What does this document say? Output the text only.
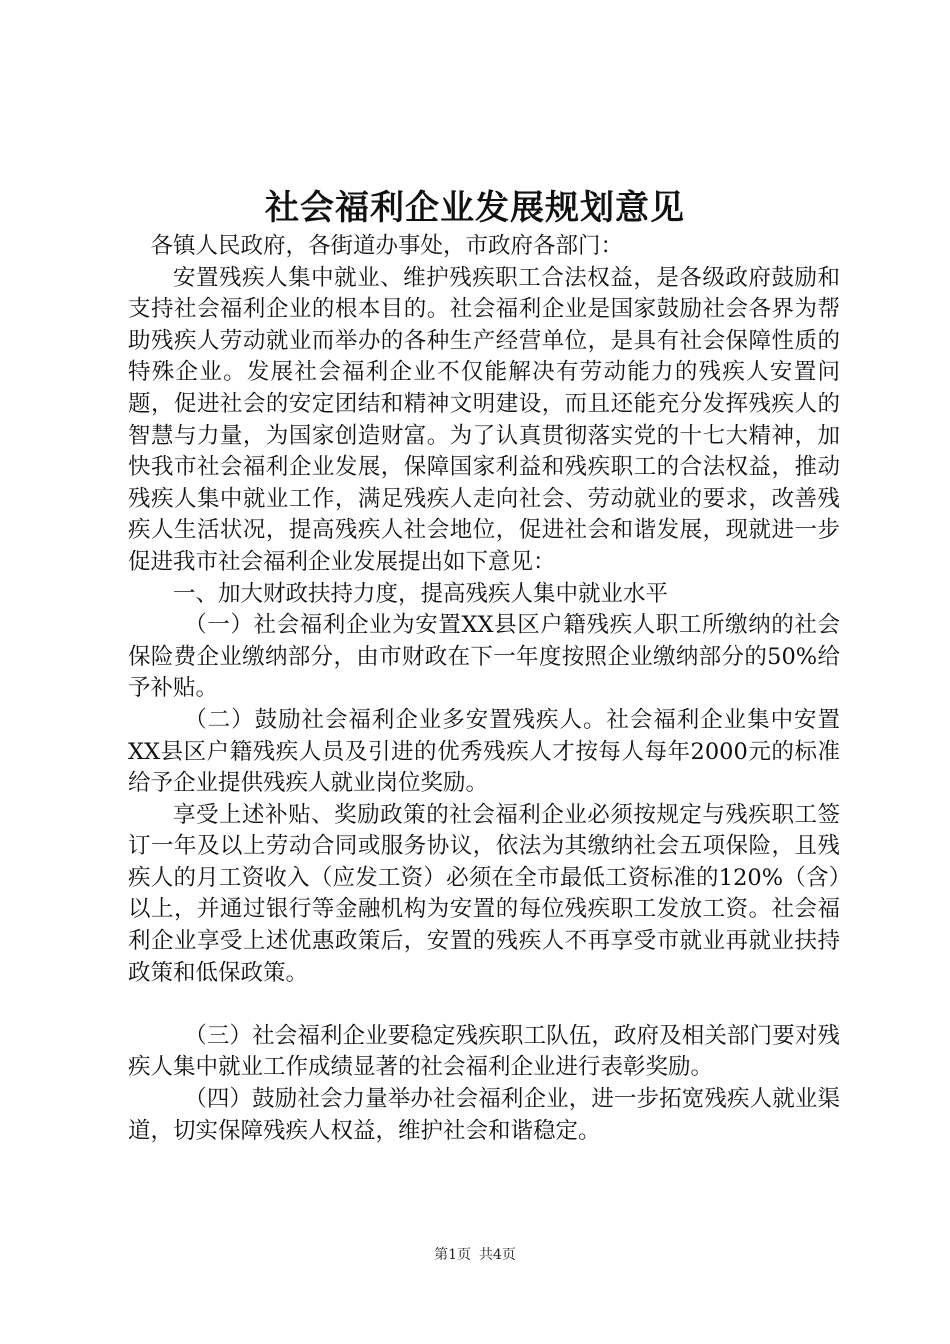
社会福利企业发展规划意见

各镇人民政府，各街道办事处，市政府各部门：

安置残疾人集中就业、维护残疾职工合法权益，是各级政府鼓励和支持社会福利企业的根本目的。社会福利企业是国家鼓励社会各界为帮助残疾人劳动就业而举办的各种生产经营单位，是具有社会保障性质的特殊企业。发展社会福利企业不仅能解决有劳动能力的残疾人安置问题，促进社会的安定团结和精神文明建设，而且还能充分发挥残疾人的智慧与力量，为国家创造财富。为了认真贯彻落实党的十七大精神，加快我市社会福利企业发展，保障国家利益和残疾职工的合法权益，推动残疾人集中就业工作，满足残疾人走向社会、劳动就业的要求，改善残疾人生活状况，提高残疾人社会地位，促进社会和谐发展，现就进一步促进我市社会福利企业发展提出如下意见：

一、加大财政扶持力度，提高残疾人集中就业水平

（一）社会福利企业为安置XX县区户籍残疾人职工所缴纳的社会保险费企业缴纳部分，由市财政在下一年度按照企业缴纳部分的50%给予补贴。

（二）鼓励社会福利企业多安置残疾人。社会福利企业集中安置XX县区户籍残疾人员及引进的优秀残疾人才按每人每年2000元的标准给予企业提供残疾人就业岗位奖励。

享受上述补贴、奖励政策的社会福利企业必须按规定与残疾职工签订一年及以上劳动合同或服务协议，依法为其缴纳社会五项保险，且残疾人的月工资收入（应发工资）必须在全市最低工资标准的120%（含）以上，并通过银行等金融机构为安置的每位残疾职工发放工资。社会福利企业享受上述优惠政策后，安置的残疾人不再享受市就业再就业扶持政策和低保政策。

（三）社会福利企业要稳定残疾职工队伍，政府及相关部门要对残疾人集中就业工作成绩显著的社会福利企业进行表彰奖励。

（四）鼓励社会力量举办社会福利企业，进一步拓宽残疾人就业渠道，切实保障残疾人权益，维护社会和谐稳定。

第1页 共4页
